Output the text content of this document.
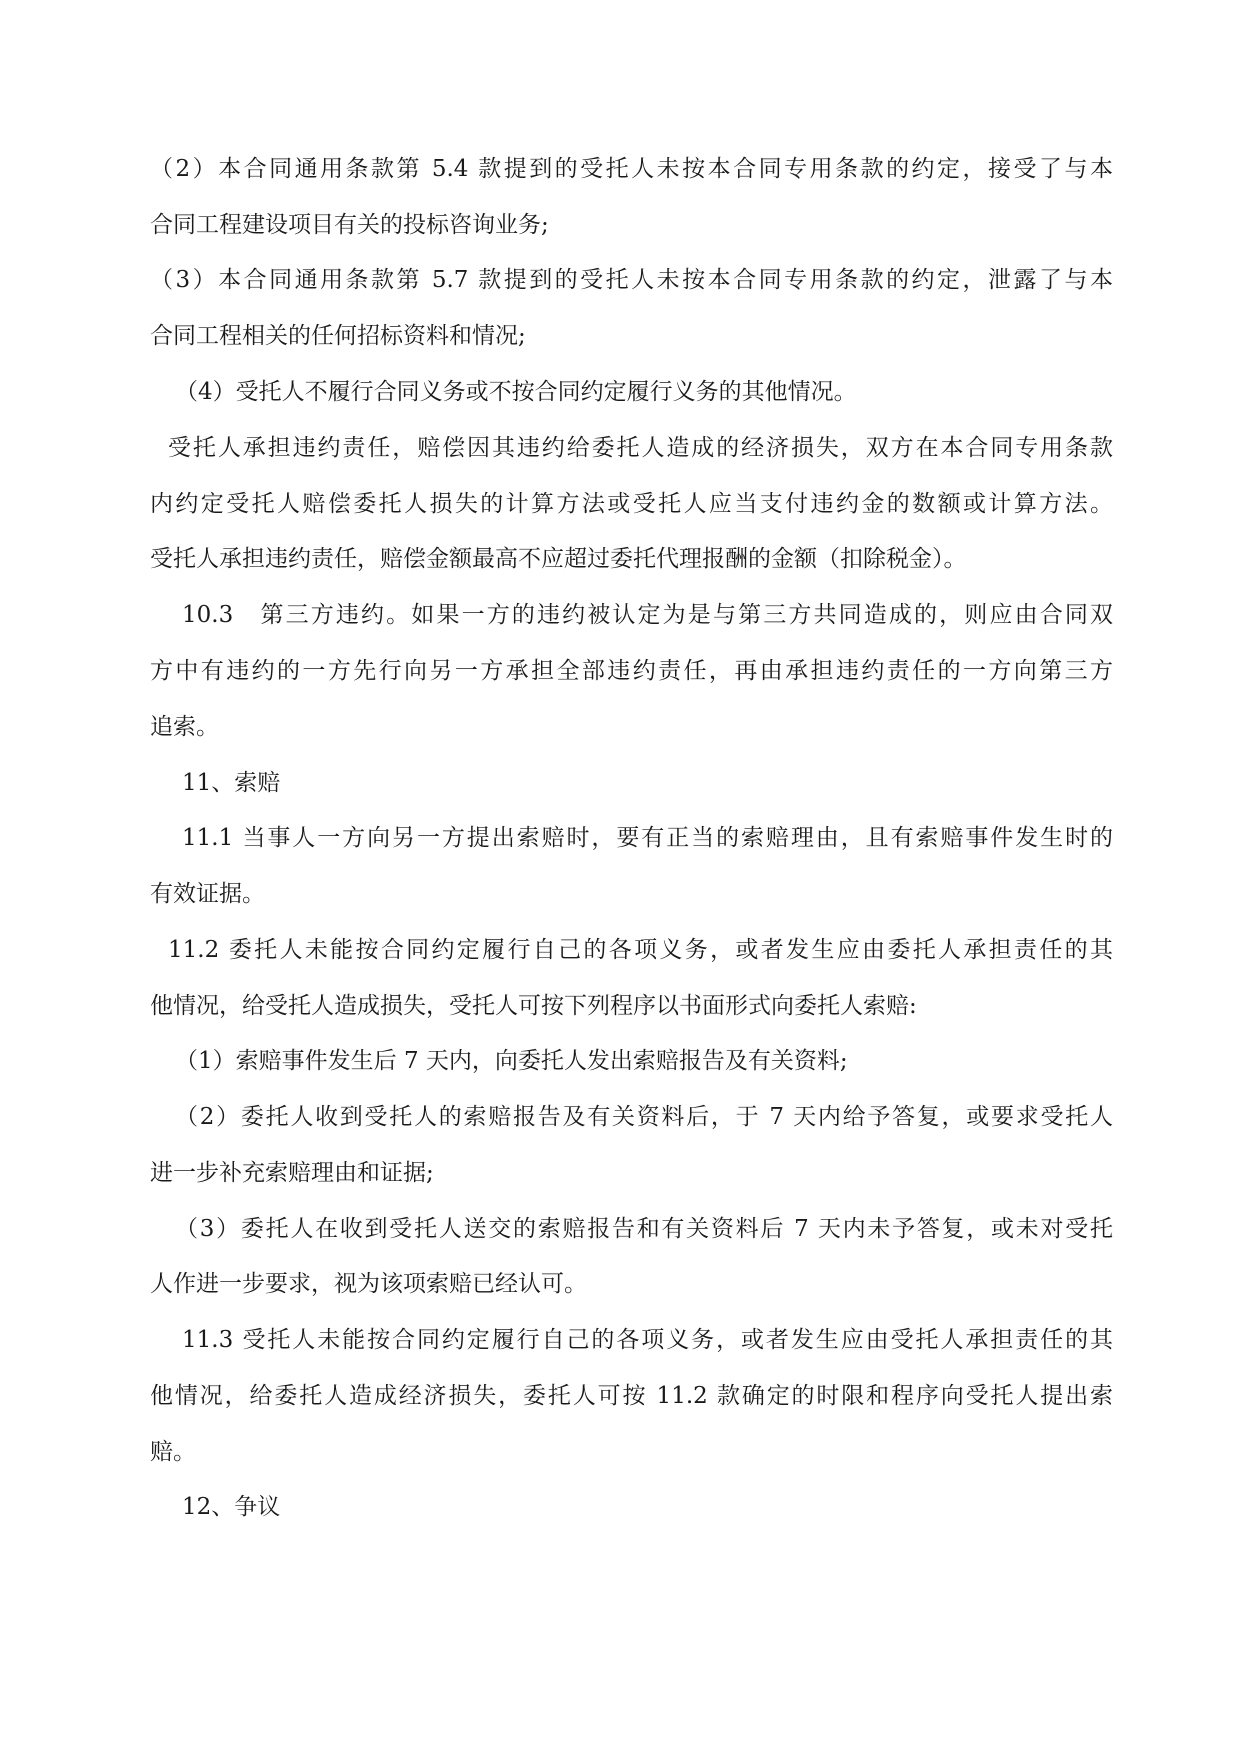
（2）本合同通用条款第 5.4 款提到的受托人未按本合同专用条款的约定，接受了与本
合同工程建设项目有关的投标咨询业务;
（3）本合同通用条款第 5.7 款提到的受托人未按本合同专用条款的约定，泄露了与本
合同工程相关的任何招标资料和情况;
（4）受托人不履行合同义务或不按合同约定履行义务的其他情况。
受托人承担违约责任，赔偿因其违约给委托人造成的经济损失，双方在本合同专用条款
内约定受托人赔偿委托人损失的计算方法或受托人应当支付违约金的数额或计算方法。
受托人承担违约责任，赔偿金额最高不应超过委托代理报酬的金额（扣除税金）。
10.3　第三方违约。如果一方的违约被认定为是与第三方共同造成的，则应由合同双
方中有违约的一方先行向另一方承担全部违约责任，再由承担违约责任的一方向第三方
追索。
11、索赔
11.1 当事人一方向另一方提出索赔时，要有正当的索赔理由，且有索赔事件发生时的
有效证据。
11.2 委托人未能按合同约定履行自己的各项义务，或者发生应由委托人承担责任的其
他情况，给受托人造成损失，受托人可按下列程序以书面形式向委托人索赔:
（1）索赔事件发生后 7 天内，向委托人发出索赔报告及有关资料;
（2）委托人收到受托人的索赔报告及有关资料后，于 7 天内给予答复，或要求受托人
进一步补充索赔理由和证据;
（3）委托人在收到受托人送交的索赔报告和有关资料后 7 天内未予答复，或未对受托
人作进一步要求，视为该项索赔已经认可。
11.3 受托人未能按合同约定履行自己的各项义务，或者发生应由受托人承担责任的其
他情况，给委托人造成经济损失，委托人可按 11.2 款确定的时限和程序向受托人提出索
赔。
12、争议
